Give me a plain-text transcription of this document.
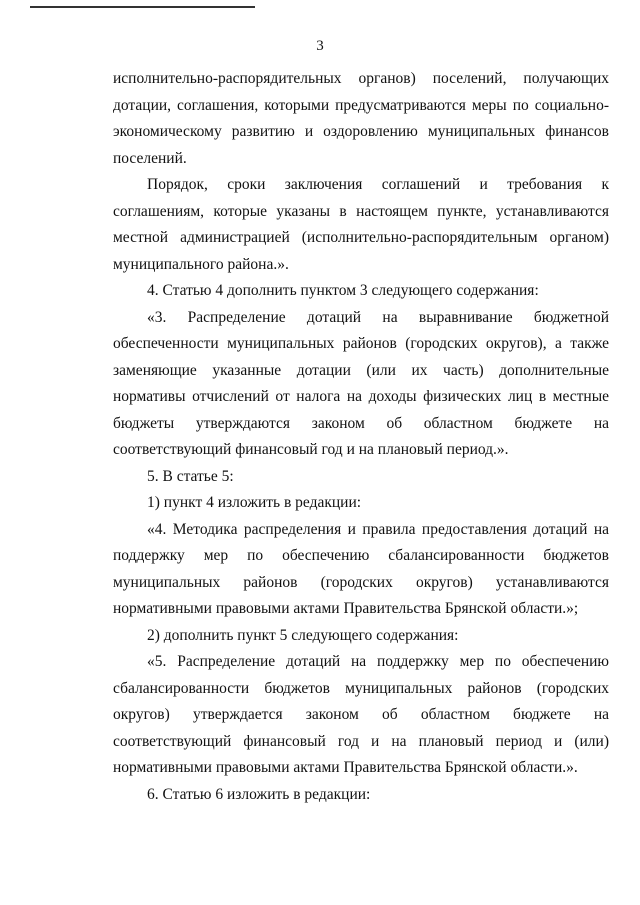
3

исполнительно-распорядительных органов) поселений, получающих дотации, соглашения, которыми предусматриваются меры по социально-экономическому развитию и оздоровлению муниципальных финансов поселений.

Порядок, сроки заключения соглашений и требования к соглашениям, которые указаны в настоящем пункте, устанавливаются местной администрацией (исполнительно-распорядительным органом) муниципального района.».

4. Статью 4 дополнить пунктом 3 следующего содержания:

«3. Распределение дотаций на выравнивание бюджетной обеспеченности муниципальных районов (городских округов), а также заменяющие указанные дотации (или их часть) дополнительные нормативы отчислений от налога на доходы физических лиц в местные бюджеты утверждаются законом об областном бюджете на соответствующий финансовый год и на плановый период.».

5. В статье 5:

1) пункт 4 изложить в редакции:

«4. Методика распределения и правила предоставления дотаций на поддержку мер по обеспечению сбалансированности бюджетов муниципальных районов (городских округов) устанавливаются нормативными правовыми актами Правительства Брянской области.»;

2) дополнить пункт 5 следующего содержания:

«5. Распределение дотаций на поддержку мер по обеспечению сбалансированности бюджетов муниципальных районов (городских округов) утверждается законом об областном бюджете на соответствующий финансовый год и на плановый период и (или) нормативными правовыми актами Правительства Брянской области.».

6. Статью 6 изложить в редакции:
